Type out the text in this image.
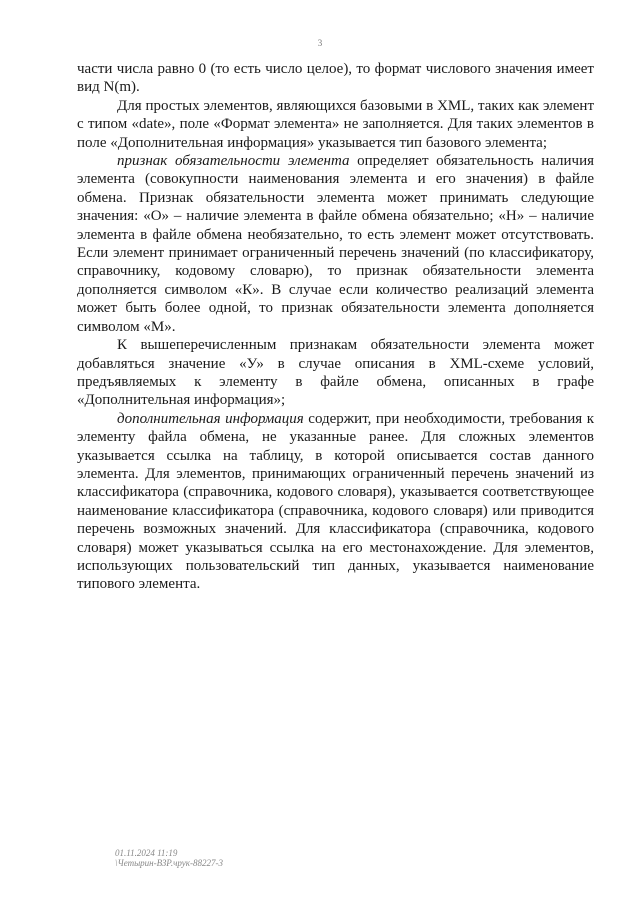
3

части числа равно 0 (то есть число целое), то формат числового значения имеет вид N(m).

Для простых элементов, являющихся базовыми в XML, таких как элемент с типом «date», поле «Формат элемента» не заполняется. Для таких элементов в поле «Дополнительная информация» указывается тип базового элемента;

признак обязательности элемента определяет обязательность наличия элемента (совокупности наименования элемента и его значения) в файле обмена. Признак обязательности элемента может принимать следующие значения: «О» – наличие элемента в файле обмена обязательно; «Н» – наличие элемента в файле обмена необязательно, то есть элемент может отсутствовать. Если элемент принимает ограниченный перечень значений (по классификатору, справочнику, кодовому словарю), то признак обязательности элемента дополняется символом «К». В случае если количество реализаций элемента может быть более одной, то признак обязательности элемента дополняется символом «М».

К вышеперечисленным признакам обязательности элемента может добавляться значение «У» в случае описания в XML-схеме условий, предъявляемых к элементу в файле обмена, описанных в графе «Дополнительная информация»;

дополнительная информация содержит, при необходимости, требования к элементу файла обмена, не указанные ранее. Для сложных элементов указывается ссылка на таблицу, в которой описывается состав данного элемента. Для элементов, принимающих ограниченный перечень значений из классификатора (справочника, кодового словаря), указывается соответствующее наименование классификатора (справочника, кодового словаря) или приводится перечень возможных значений. Для классификатора (справочника, кодового словаря) может указываться ссылка на его местонахождение. Для элементов, использующих пользовательский тип данных, указывается наименование типового элемента.

01.11.2024 11:19
\Четырин-ВЗР.чрук-88227-3
